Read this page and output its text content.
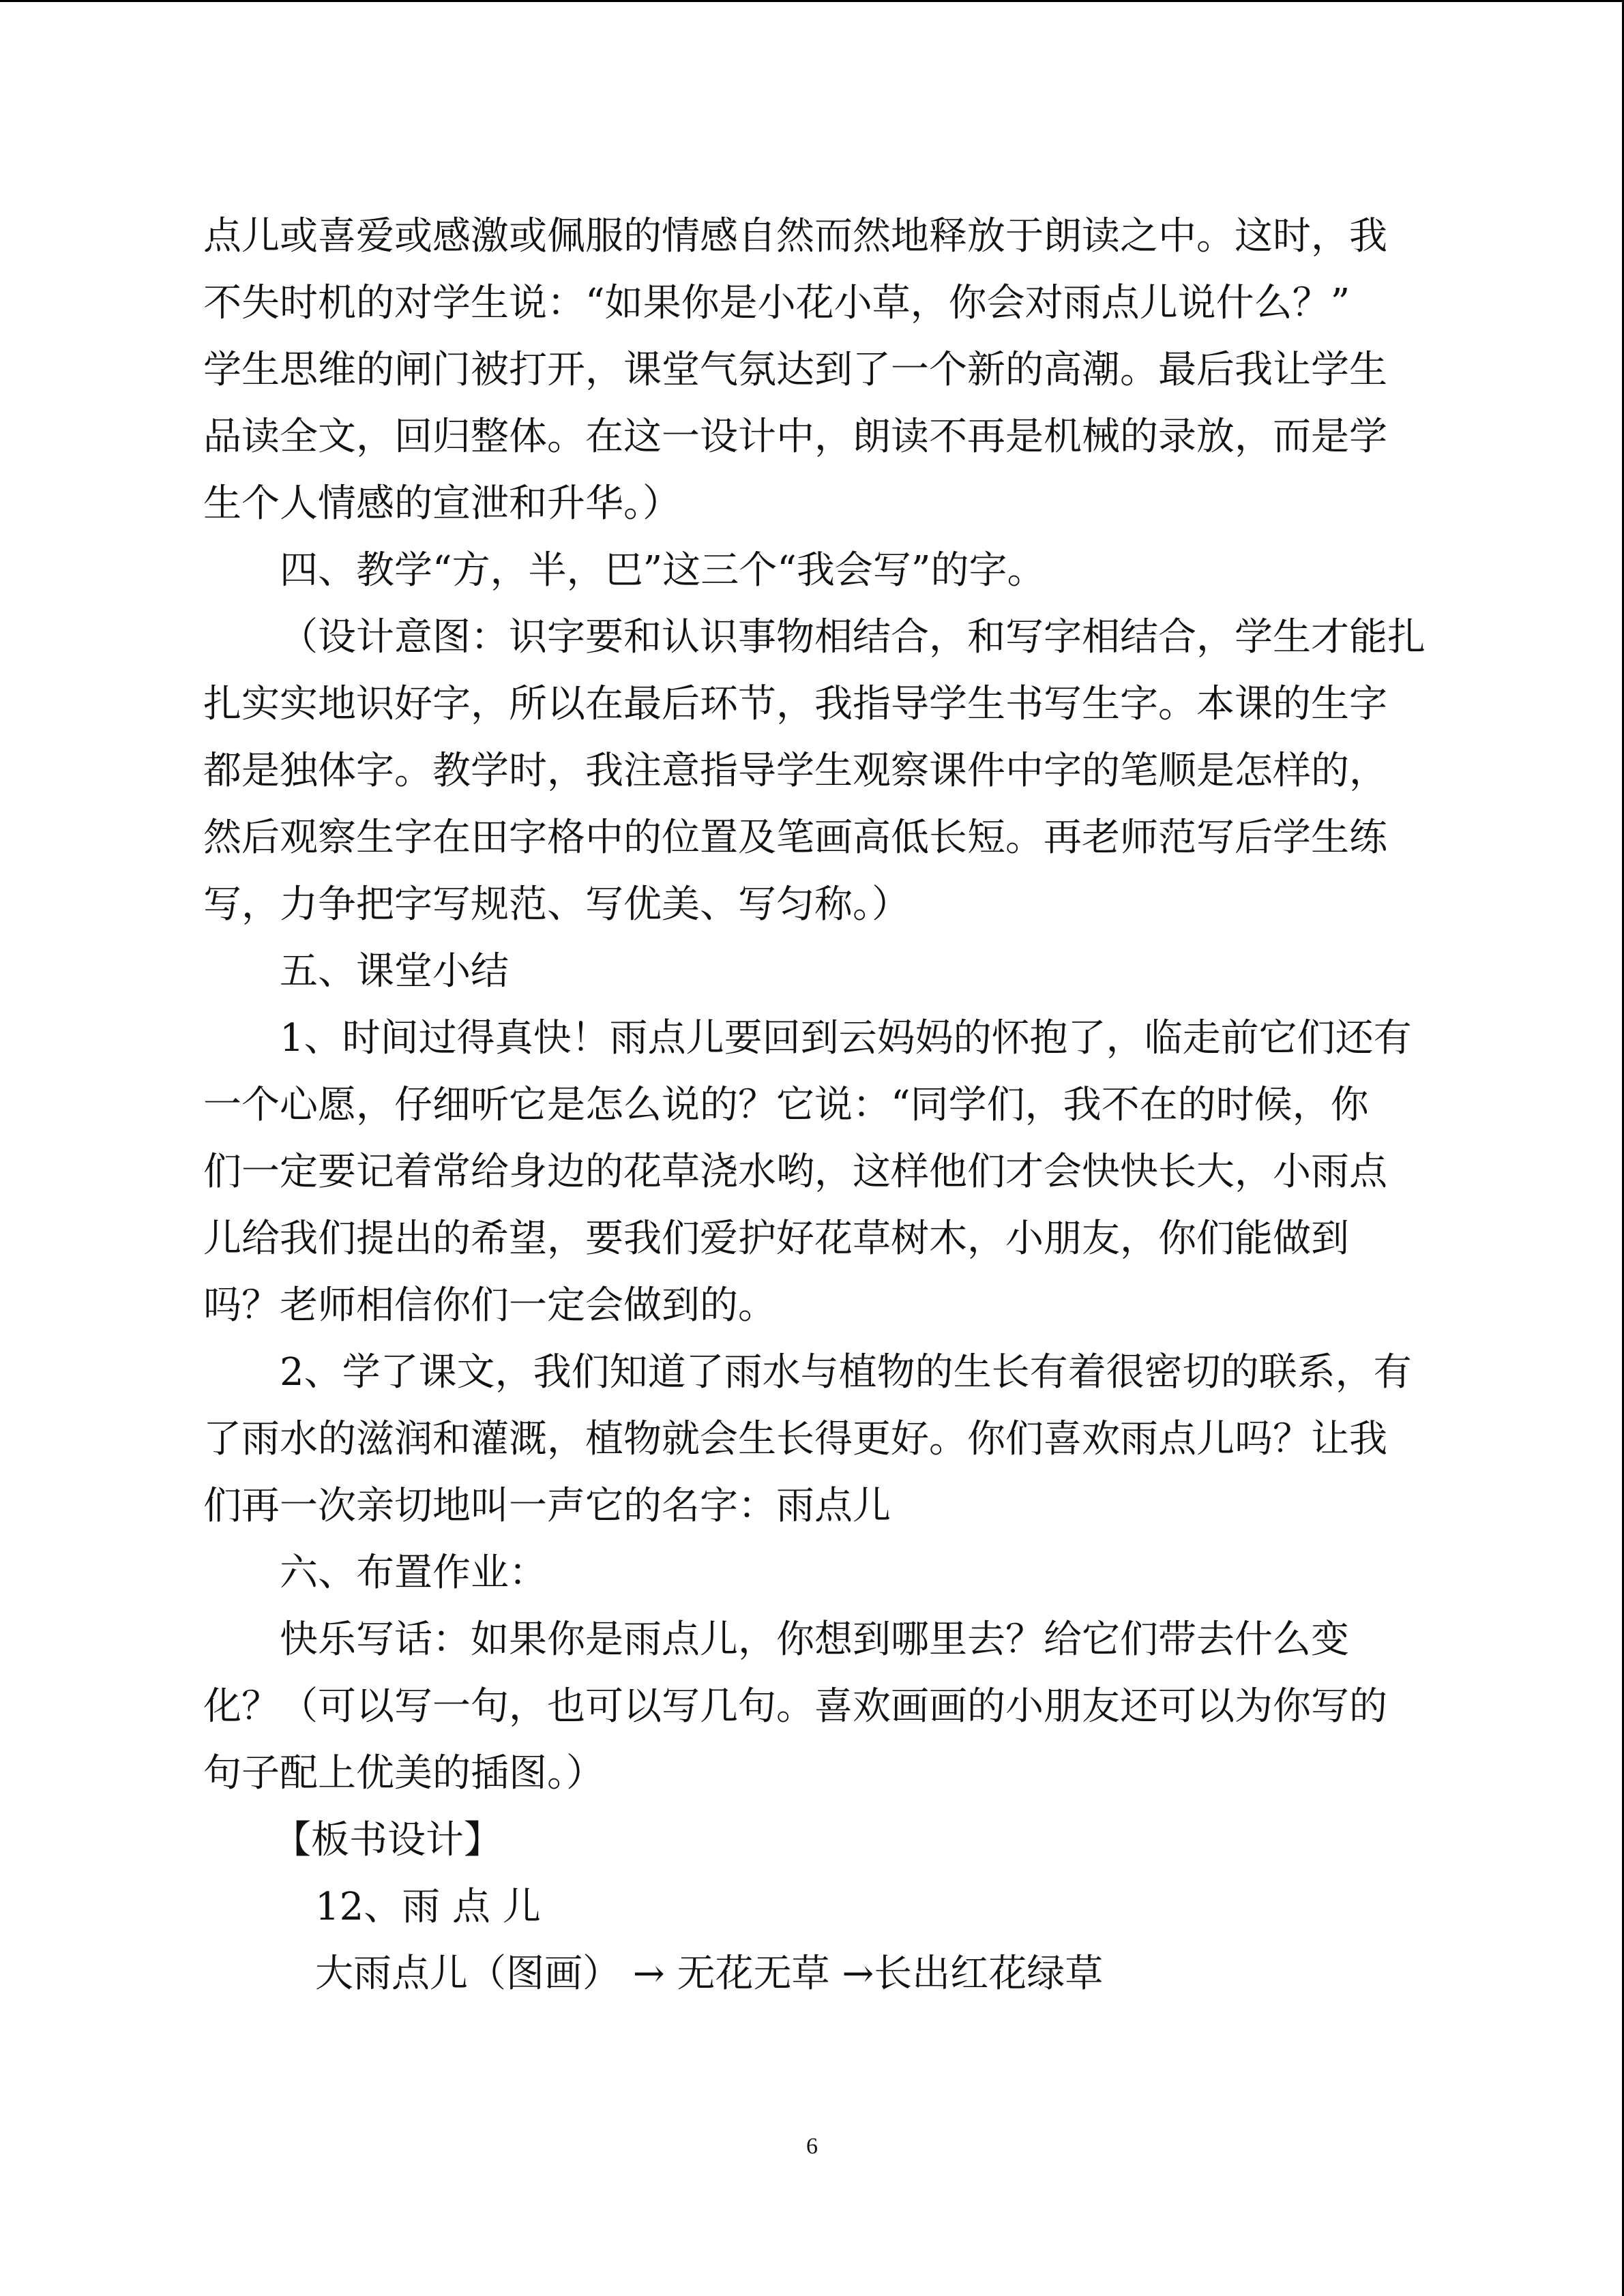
点儿或喜爱或感激或佩服的情感自然而然地释放于朗读之中。这时，我

不失时机的对学生说：“如果你是小花小草，你会对雨点儿说什么？”

学生思维的闸门被打开，课堂气氛达到了一个新的高潮。最后我让学生

品读全文，回归整体。在这一设计中，朗读不再是机械的录放，而是学

生个人情感的宣泄和升华。）

四、教学“方，半，巴”这三个“我会写”的字。

（设计意图：识字要和认识事物相结合，和写字相结合，学生才能扎

扎实实地识好字，所以在最后环节，我指导学生书写生字。本课的生字

都是独体字。教学时，我注意指导学生观察课件中字的笔顺是怎样的，

然后观察生字在田字格中的位置及笔画高低长短。再老师范写后学生练

写，力争把字写规范、写优美、写匀称。）

五、课堂小结

1、时间过得真快！雨点儿要回到云妈妈的怀抱了，临走前它们还有

一个心愿，仔细听它是怎么说的？它说：“同学们，我不在的时候，你

们一定要记着常给身边的花草浇水哟，这样他们才会快快长大，小雨点

儿给我们提出的希望，要我们爱护好花草树木，小朋友，你们能做到

吗？老师相信你们一定会做到的。

2、学了课文，我们知道了雨水与植物的生长有着很密切的联系，有

了雨水的滋润和灌溉，植物就会生长得更好。你们喜欢雨点儿吗？让我

们再一次亲切地叫一声它的名字：雨点儿

六、布置作业：

快乐写话：如果你是雨点儿，你想到哪里去？给它们带去什么变

化？（可以写一句，也可以写几句。喜欢画画的小朋友还可以为你写的

句子配上优美的插图。）

【板书设计】

12、雨 点 儿

大雨点儿（图画） → 无花无草 →长出红花绿草

6
